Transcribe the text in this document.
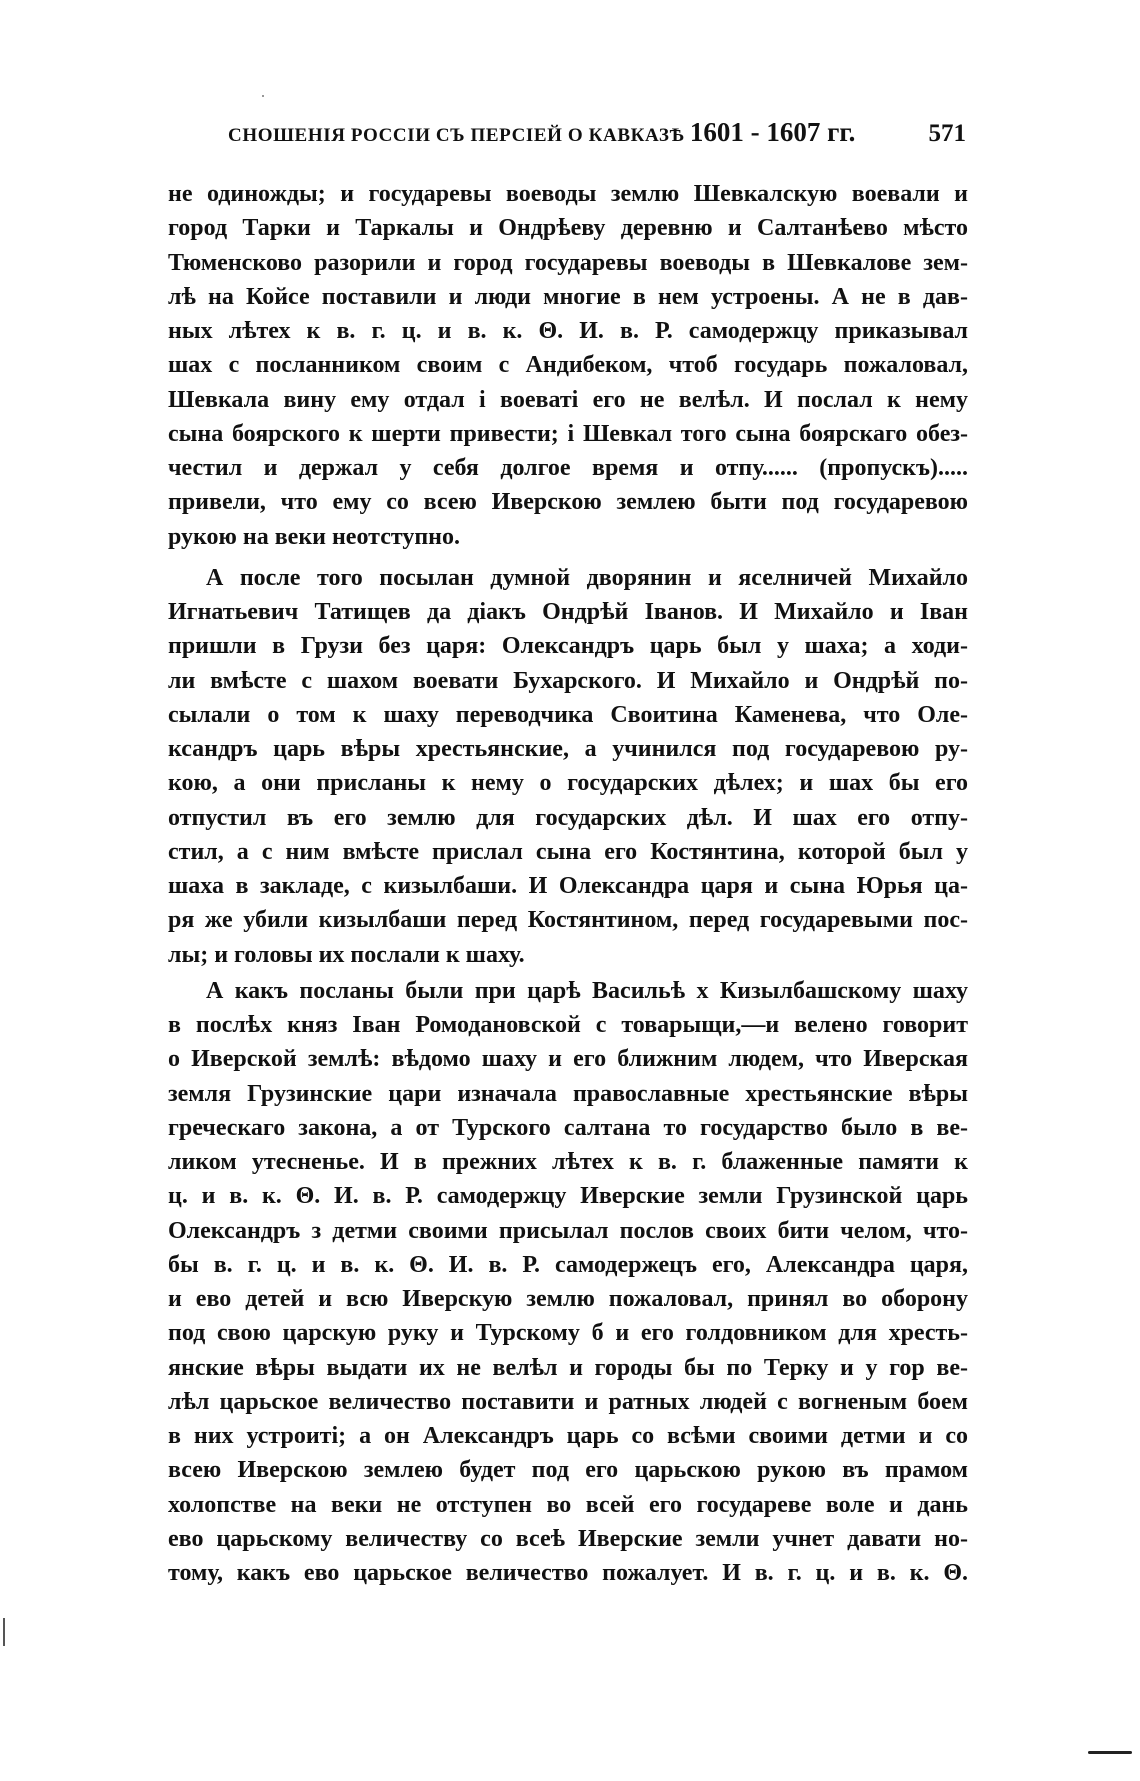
СНОШЕНІЯ РОССІИ СЪ ПЕРСІЕЙ О КАВКАЗѢ 1601 - 1607 гг.	571
не одиножды; и государевы воеводы землю Шевкалскую воевали и
город Тарки и Таркалы и Ондрѣеву деревню и Салтанѣево мѣсто
Тюменсково разорили и город государевы воеводы в Шевкалове зем-
лѣ на Койсе поставили и люди многие в нем устроены. А не в дав-
ных лѣтех к в. г. ц. и в. к. Θ. И. в. Р. самодержцу приказывал
шах с посланником своим с Андибеком, чтоб государь пожаловал,
Шевкала вину ему отдал і воеваті его не велѣл. И послал к нему
сына боярского к шерти привести; і Шевкал того сына боярскаго обез-
честил и держал у себя долгое время и отпу...... (пропускъ).....
привели, что ему со всею Иверскою землею быти под государевою
рукою на веки неотступно.
А после того посылан думной дворянин и яселничей Михайло
Игнатьевич Татищев да діакъ Ондрѣй Іванов. И Михайло и Іван
пришли в Грузи без царя: Олександръ царь был у шаха; а ходи-
ли вмѣсте с шахом воевати Бухарского. И Михайло и Ондрѣй по-
сылали о том к шаху переводчика Своитина Каменева, что Оле-
ксандръ царь вѣры хрестьянские, а учинился под государевою ру-
кою, а они присланы к нему о государских дѣлех; и шах бы его
отпустил въ его землю для государских дѣл. И шах его отпу-
стил, а с ним вмѣсте прислал сына его Костянтина, которой был у
шаха в закладе, с кизылбаши. И Олександра царя и сына Юрья ца-
ря же убили кизылбаши перед Костянтином, перед государевыми пос-
лы; и головы их послали к шаху.
А какъ посланы были при царѣ Васильѣ х Кизылбашскому шаху
в послѣх княз Іван Ромодановской с товарыщи,—и велено говорит
о Иверской землѣ: вѣдомо шаху и его ближним людем, что Иверская
земля Грузинские цари изначала православные хрестьянские вѣры
греческаго закона, а от Турского салтана то государство было в ве-
ликом утесненье. И в прежних лѣтех к в. г. блаженные памяти к
ц. и в. к. Θ. И. в. Р. самодержцу Иверские земли Грузинской царь
Олександръ з детми своими присылал послов своих бити челом, что-
бы в. г. ц. и в. к. Θ. И. в. Р. самодержецъ его, Александра царя,
и ево детей и всю Иверскую землю пожаловал, принял во оборону
под свою царскую руку и Турскому б и его голдовником для хресть-
янские вѣры выдати их не велѣл и городы бы по Терку и у гор ве-
лѣл царьское величество поставити и ратных людей с вогненым боем
в них устроиті; а он Александръ царь со всѣми своими детми и со
всею Иверскою землею будет под его царьскою рукою въ прамом
холопстве на веки не отступен во всей его государеве воле и дань
ево царьскому величеству со всеѣ Иверские земли учнет давати но-
тому, какъ ево царьское величество пожалует. И в. г. ц. и в. к. Θ.
